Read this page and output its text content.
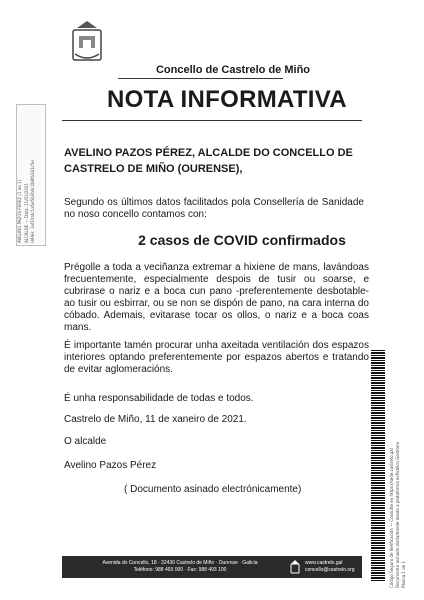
Concello de Castrelo de Miño
NOTA INFORMATIVA
AVELINO PAZOS PEREZ (1 de 1) ALCALDE — Data: 11/01/2021 HASH: 1ef1fd4c1a5e5b3b0c2b8fb3b1c5e
AVELINO PAZOS PÉREZ, ALCALDE DO CONCELLO DE CASTRELO DE MIÑO (OURENSE),
Segundo os últimos datos facilitados pola Consellería de Sanidade no noso concello contamos con:
2 casos de COVID confirmados
Prégolle a toda a veciñanza extremar a hixiene de mans, lavándoas frecuentemente, especialmente despois de tusir ou soarse, e cubrirase o nariz e a boca cun pano -preferentemente desbotable- ao tusir ou esbirrar, ou se non se dispón de pano, na cara interna do cóbado. Ademais, evitarase tocar os ollos, o nariz e a boca coas mans.
É importante tamén procurar unha axeitada ventilación dos espazos interiores optando preferentemente por espazos abertos e tratando de evitar aglomeracións.
É unha responsabilidade de todas e todos.
Castrelo de Miño, 11 de xaneiro de 2021.
O alcalde
Avelino Pazos Pérez
( Documento asinado electrónicamente)	Código Seguro de Verificación — Consulte en https://sede.castrelo.gal Documento asinado dixitalmente desde a plataforma esPublico Gestiona Páxina 1 de 1
Avenida do Concello, 18 · 32430 Castrelo de Miño · Ourense · Galicia
Teléfono: 988 493 000 · Fax: 988 493 100
www.castrelo.gal
concello@castrelo.org
